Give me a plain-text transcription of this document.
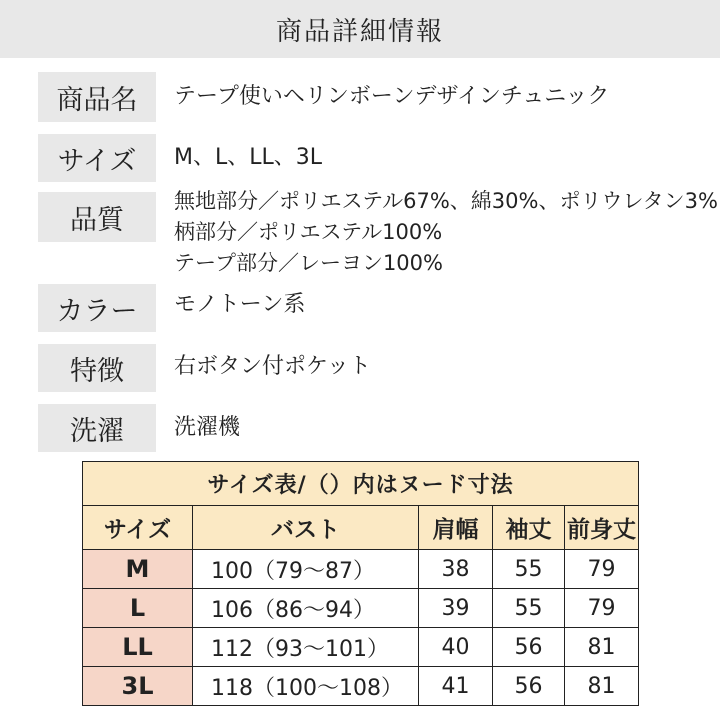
商品詳細情報
商品名	テープ使いヘリンボーンデザインチュニック
サイズ	M、L、LL、3L
品質
無地部分／ポリエステル67%、綿30%、ポリウレタン3%
柄部分／ポリエステル100%
テープ部分／レーヨン100%
カラー	モノトーン系
特徴	右ボタン付ポケット
洗濯	洗濯機
サイズ表/（）内はヌード寸法				
サイズ	バスト	肩幅	袖丈	前身丈
M	100（79〜87）	38	55	79
L	106（86〜94）	39	55	79
LL	112（93〜101）	40	56	81
3L	118（100〜108）	41	56	81
